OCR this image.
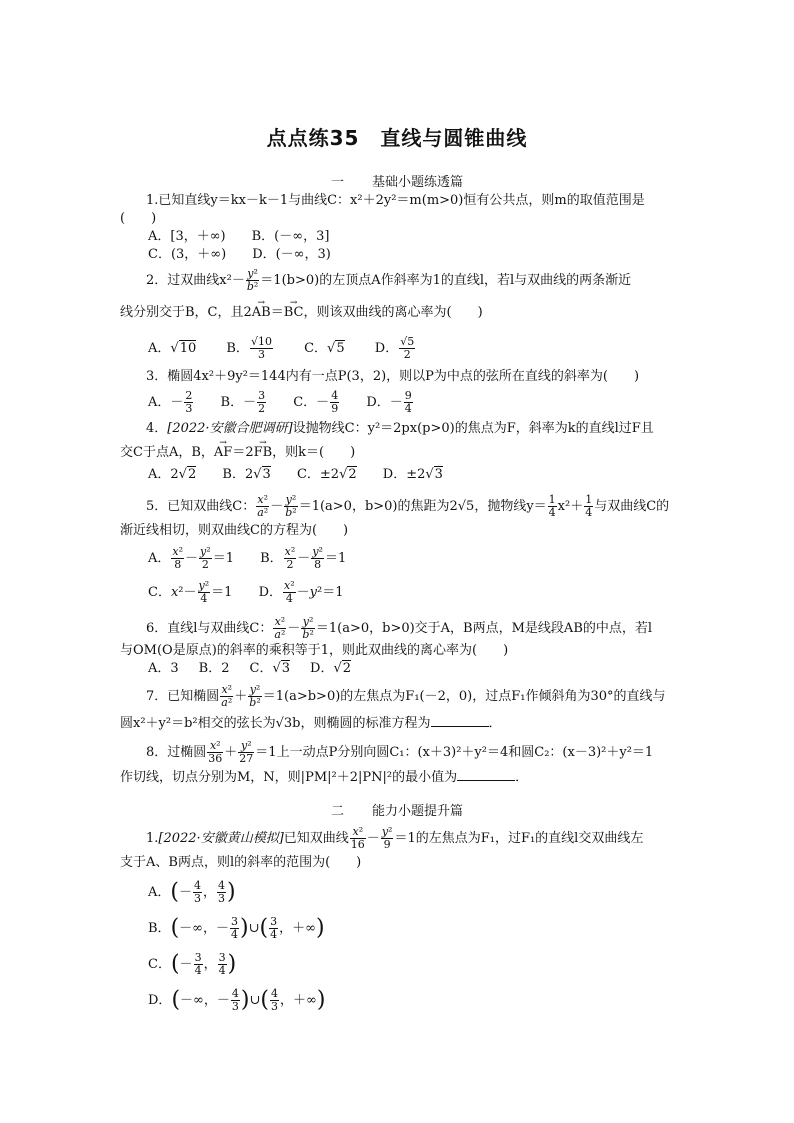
点点练35　直线与圆锥曲线
一 基础小题练透篇
1.已知直线y＝kx－k－1与曲线C：x²＋2y²＝m(m>0)恒有公共点，则m的取值范围是
(　　)
A．[3，＋∞)　　B．(－∞，3]
C．(3，＋∞)　　D．(－∞，3)
2．过双曲线$x^2- \frac{\text{y²}}{\text{b²}} =1(b>0)$的左顶点A作斜率为1的直线l，若l与双曲线的两条渐近
线分别交于B，C，且2→ AB＝→ BC，则该双曲线的离心率为(　　)
A．√10 B． $\frac{√10}{3}$ C．√5 D． $\frac{√5}{2}$
3．椭圆4x²＋9y²＝144内有一点P(3，2)，则以P为中点的弦所在直线的斜率为(　　)
A．－ $\frac{2}{3}$ B．－ $\frac{3}{2}$ C．－ $\frac{4}{9}$ D．－ $\frac{9}{4}$
4．[2022·安徽合肥调研]设抛物线C：y²＝2px(p>0)的焦点为F，斜率为k的直线l过F且
交C于点A，B，→ AF＝2→ FB，则k＝(　　)
A．2√2 B．2√3 C．±2√2 D．±2√3
5．已知双曲线C： $\frac{\text{x²}}{\text{a²}} - \frac{\text{y²}}{\text{b²}} =1(a>0$，b>0)的焦距为2√5，抛物线$y= \frac{1}{4} x^2+ \frac{1}{4}$ 与双曲线C的
渐近线相切，则双曲线C的方程为(　　)
A． $\frac{\text{x²}}{8} - \frac{\text{y²}}{2} =1$ B． $\frac{\text{x²}}{2} - \frac{\text{y²}}{8} =1$
C．$x^2- \frac{\text{y²}}{4} =1$ D． $\frac{\text{x²}}{4} -y^2=1$
6．直线l与双曲线C： $\frac{\text{x²}}{\text{a²}} - \frac{\text{y²}}{\text{b²}} =1(a>0$，b>0)交于A，B两点，M是线段AB的中点，若l
与OM(O是原点)的斜率的乘积等于1，则此双曲线的离心率为(　　)
A．3 B．2 C．√3 D．√2
7．已知椭圆 $\frac{\text{x²}}{\text{a²}} + \frac{\text{y²}}{\text{b²}} =1(a>b>0)$的左焦点为F₁(－2，0)，过点F₁作倾斜角为30°的直线与
圆x²＋y²＝b²相交的弦长为√3b，则椭圆的标准方程为	．
8．过椭圆 $\frac{\text{x²}}{36} + \frac{\text{y²}}{27} =1$上一动点P分别向圆C₁：(x＋3)²＋y²＝4和圆C₂：(x－3)²＋y²＝1
作切线，切点分别为M，N，则|PM|²＋2|PN|²的最小值为	．
二 能力小题提升篇
1.[2022·安徽黄山模拟]已知双曲线 $\frac{\text{x²}}{16} - \frac{\text{y²}}{9} =1$的左焦点为F₁，过F₁的直线l交双曲线左
支于A、B两点，则l的斜率的范围为(　　)
A．(－ $\frac{4}{3}$ ， $\frac{4}{3}$ )
B．(－∞，－ $\frac{3}{4}$ )∪( $\frac{3}{4}$ ，＋∞)
C．(－ $\frac{3}{4}$ ， $\frac{3}{4}$ )
D．(－∞，－ $\frac{4}{3}$ )∪( $\frac{4}{3}$ ，＋∞)
